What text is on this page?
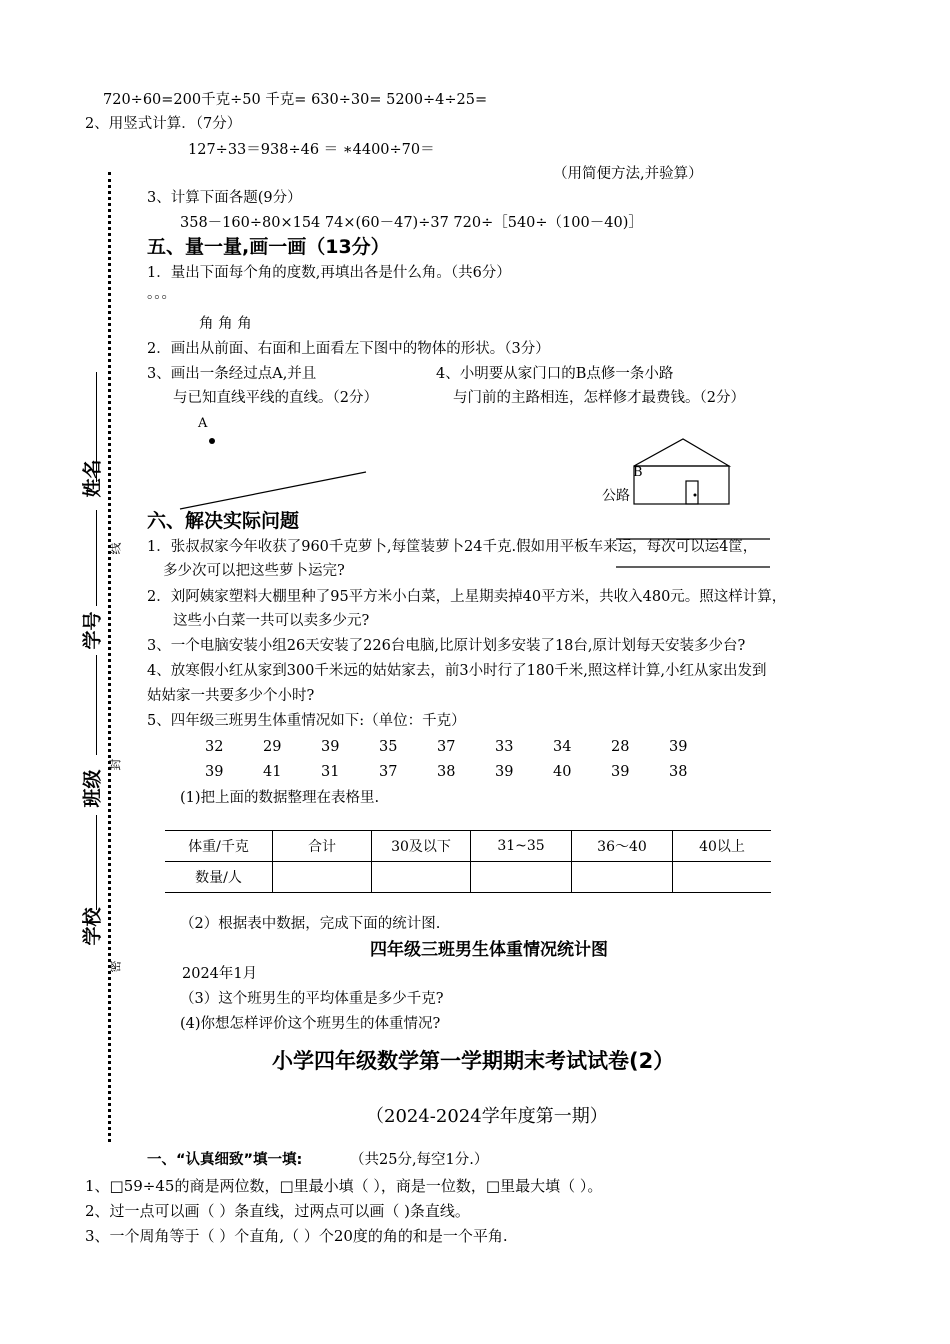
姓名
学号
班级
学校
线
封
密
720÷60=200千克÷50 千克= 630÷30= 5200÷4÷25=
2、用竖式计算．（7分）
127÷33＝938÷46 ＝ ∗4400÷70＝
（用简便方法,并验算）
3、计算下面各题(9分）
358－160÷80×154 74×(60－47)÷37 720÷［540÷（100－40)］
五、量一量,画一画（13分）
1．量出下面每个角的度数,再填出各是什么角。（共6分）
。。。
角 角 角
2．画出从前面、右面和上面看左下图中的物体的形状。（3分）
3、画出一条经过点A,并且
与已知直线平线的直线。（2分）
4、小明要从家门口的B点修一条小路
与门前的主路相连，怎样修才最费钱。（2分）
A
B
公路
六、解决实际问题
1．张叔叔家今年收获了960千克萝卜,每筐装萝卜24千克.假如用平板车来运，每次可以运4筐，
多少次可以把这些萝卜运完?
2．刘阿姨家塑料大棚里种了95平方米小白菜，上星期卖掉40平方米，共收入480元。照这样计算，
这些小白菜一共可以卖多少元?
3、一个电脑安装小组26天安装了226台电脑,比原计划多安装了18台,原计划每天安装多少台?
4、放寒假小红从家到300千米远的姑姑家去，前3小时行了180千米,照这样计算,小红从家出发到
姑姑家一共要多少个小时?
5、四年级三班男生体重情况如下:（单位：千克）
32	29	39	35	37	33	34	28	39
39	41	31	37	38	39	40	39	38
(1)把上面的数据整理在表格里.
体重/千克	合计	30及以下	31~35	36～40	40以上
数量/人					
（2）根据表中数据，完成下面的统计图.
四年级三班男生体重情况统计图
2024年1月
（3）这个班男生的平均体重是多少千克?
(4)你想怎样评价这个班男生的体重情况?
小学四年级数学第一学期期末考试试卷(2）
（2024-2024学年度第一期）
一、“认真细致”填一填:	（共25分,每空1分.）
1、□59÷45的商是两位数，□里最小填（ ），商是一位数，□里最大填（ ）。
2、过一点可以画（ ）条直线，过两点可以画（ )条直线。
3、一个周角等于（ ）个直角,（ ）个20度的角的和是一个平角.
